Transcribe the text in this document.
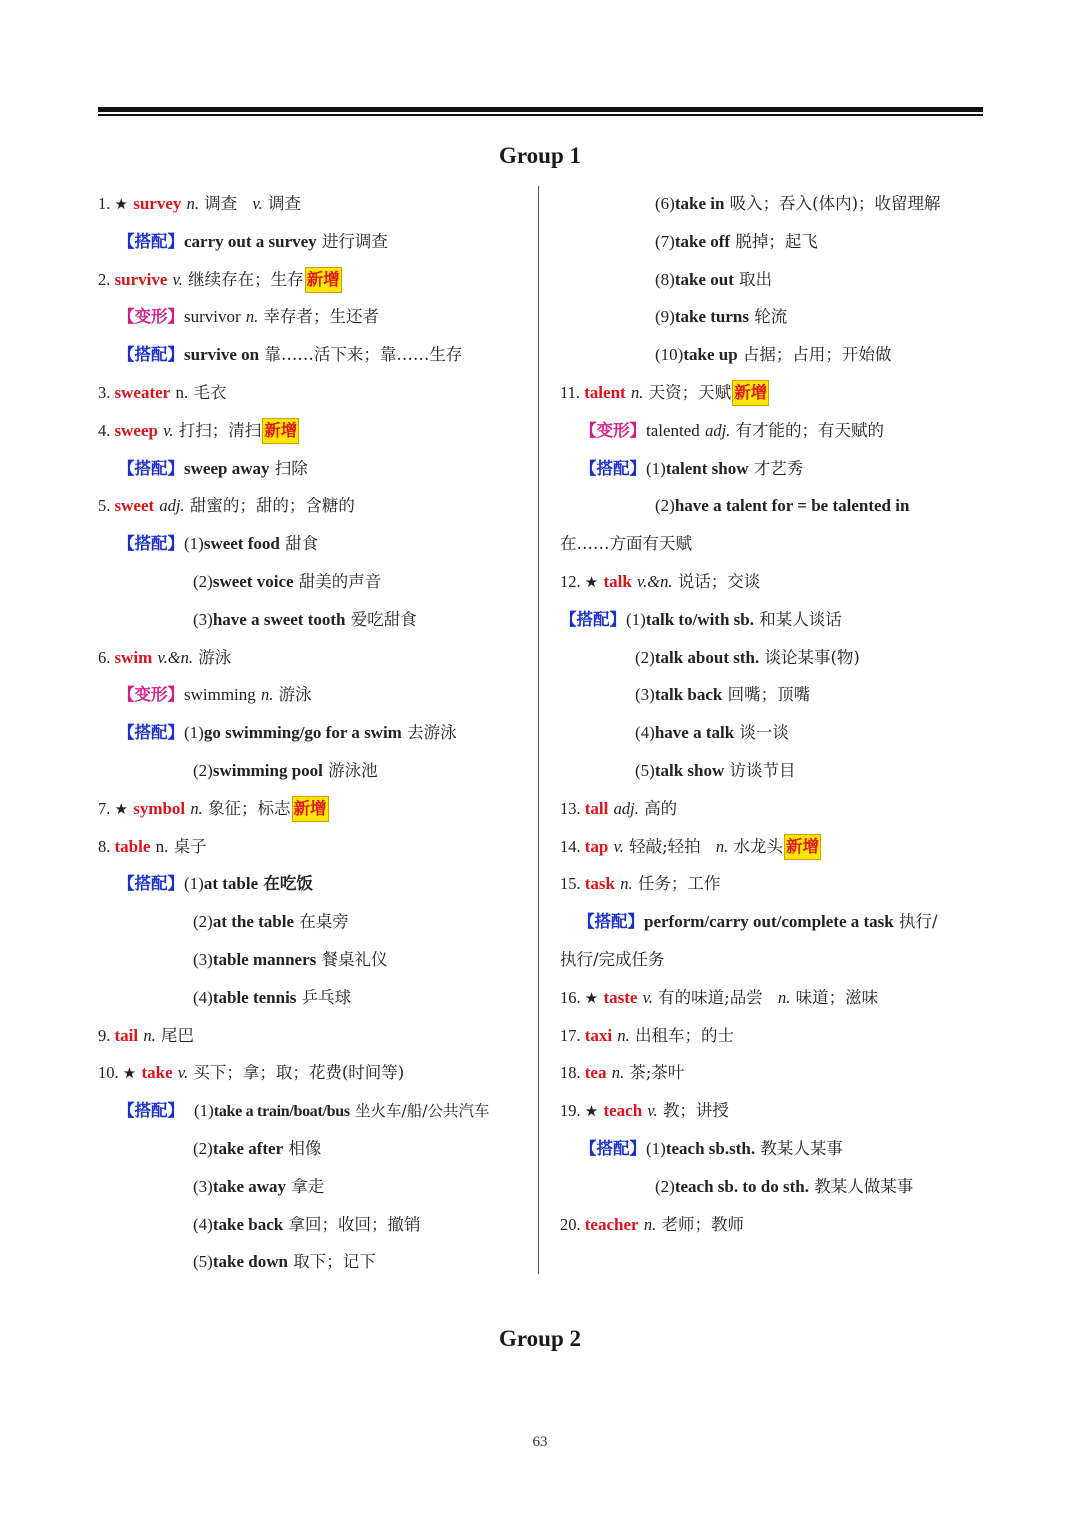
Group 1
1. ★ survey n. 调查 v. 调查
【搭配】carry out a survey 进行调查
2. survive v. 继续存在；生存 新增
【变形】survivor n. 幸存者；生还者
【搭配】survive on 靠……活下来；靠……生存
3. sweater n. 毛衣
4. sweep v. 打扫；清扫 新增
【搭配】sweep away 扫除
5. sweet adj. 甜蜜的；甜的；含糖的
【搭配】(1)sweet food 甜食
(2)sweet voice 甜美的声音
(3)have a sweet tooth 爱吃甜食
6. swim v.&n. 游泳
【变形】swimming n. 游泳
【搭配】(1)go swimming/go for a swim 去游泳
(2)swimming pool 游泳池
7. ★ symbol n. 象征；标志 新增
8. table n. 桌子
【搭配】(1)at table 在吃饭
(2)at the table 在桌旁
(3)table manners 餐桌礼仪
(4)table tennis 乒乓球
9. tail n. 尾巴
10. ★ take v. 买下；拿；取；花费(时间等)
【搭配】 (1)take a train/boat/bus 坐火车/船/公共汽车
(2)take after 相像
(3)take away 拿走
(4)take back 拿回；收回；撤销
(5)take down 取下；记下
(6)take in 吸入；吞入(体内)；收留理解
(7)take off 脱掉；起飞
(8)take out 取出
(9)take turns 轮流
(10)take up 占据；占用；开始做
11. talent n. 天资；天赋 新增
【变形】talented adj. 有才能的；有天赋的
【搭配】(1)talent show 才艺秀
(2)have a talent for = be talented in
在……方面有天赋
12. ★ talk v.&n. 说话；交谈
【搭配】(1)talk to/with sb. 和某人谈话
(2)talk about sth. 谈论某事(物)
(3)talk back 回嘴；顶嘴
(4)have a talk 谈一谈
(5)talk show 访谈节目
13. tall adj. 高的
14. tap v. 轻敲;轻拍 n. 水龙头 新增
15. task n. 任务；工作
【搭配】perform/carry out/complete a task 执行/
执行/完成任务
16. ★ taste v. 有的味道;品尝 n. 味道；滋味
17. taxi n. 出租车；的士
18. tea n. 茶;茶叶
19. ★ teach v. 教；讲授
【搭配】(1)teach sb.sth. 教某人某事
(2)teach sb. to do sth. 教某人做某事
20. teacher n. 老师；教师
Group 2
63
